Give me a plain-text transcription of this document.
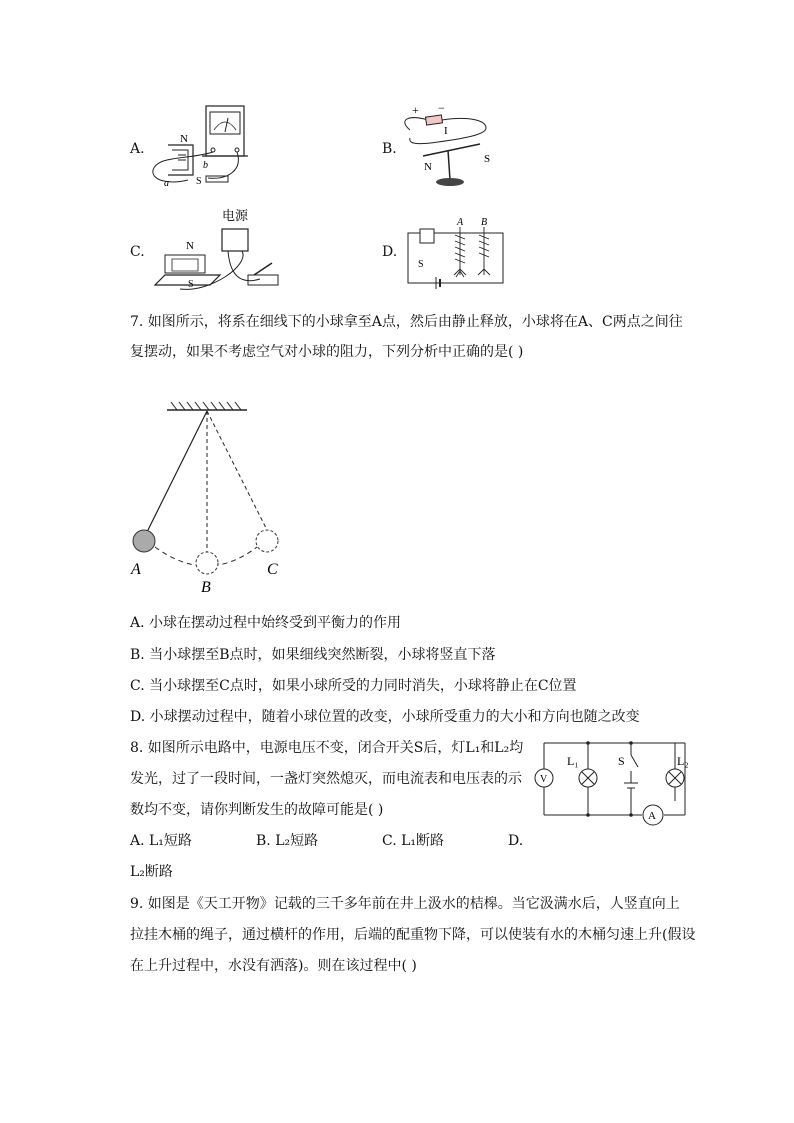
A.	B.
C.	D.
N
S
a
b
+ −
I
N
S
电源
N
S
A B
S
7. 如图所示，将系在细线下的小球拿至A点，然后由静止释放，小球将在A、C两点之间往
复摆动，如果不考虑空气对小球的阻力，下列分析中正确的是( )
A
B
C
A. 小球在摆动过程中始终受到平衡力的作用
B. 当小球摆至B点时，如果细线突然断裂，小球将竖直下落
C. 当小球摆至C点时，如果小球所受的力同时消失，小球将静止在C位置
D. 小球摆动过程中，随着小球位置的改变，小球所受重力的大小和方向也随之改变
8. 如图所示电路中，电源电压不变，闭合开关S后，灯L₁和L₂均
发光，过了一段时间，一盏灯突然熄灭，而电流表和电压表的示
数均不变，请你判断发生的故障可能是( )
V
L₁	S	L₂
A
A. L₁短路	B. L₂短路	C. L₁断路	D.
L₂断路
9. 如图是《天工开物》记载的三千多年前在井上汲水的桔槔。当它汲满水后，人竖直向上
拉挂木桶的绳子，通过横杆的作用，后端的配重物下降，可以使装有水的木桶匀速上升(假设
在上升过程中，水没有洒落)。则在该过程中( )
